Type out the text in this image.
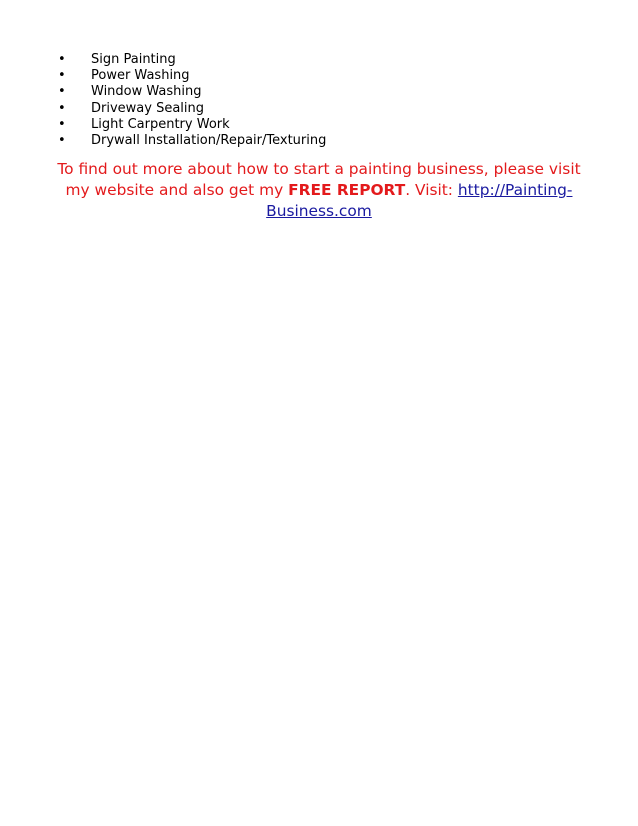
• Sign Painting
• Power Washing
• Window Washing
• Driveway Sealing
• Light Carpentry Work
• Drywall Installation/Repair/Texturing

To find out more about how to start a painting business, please visit my website and also get my FREE REPORT. Visit: http://Painting-
Business.com
